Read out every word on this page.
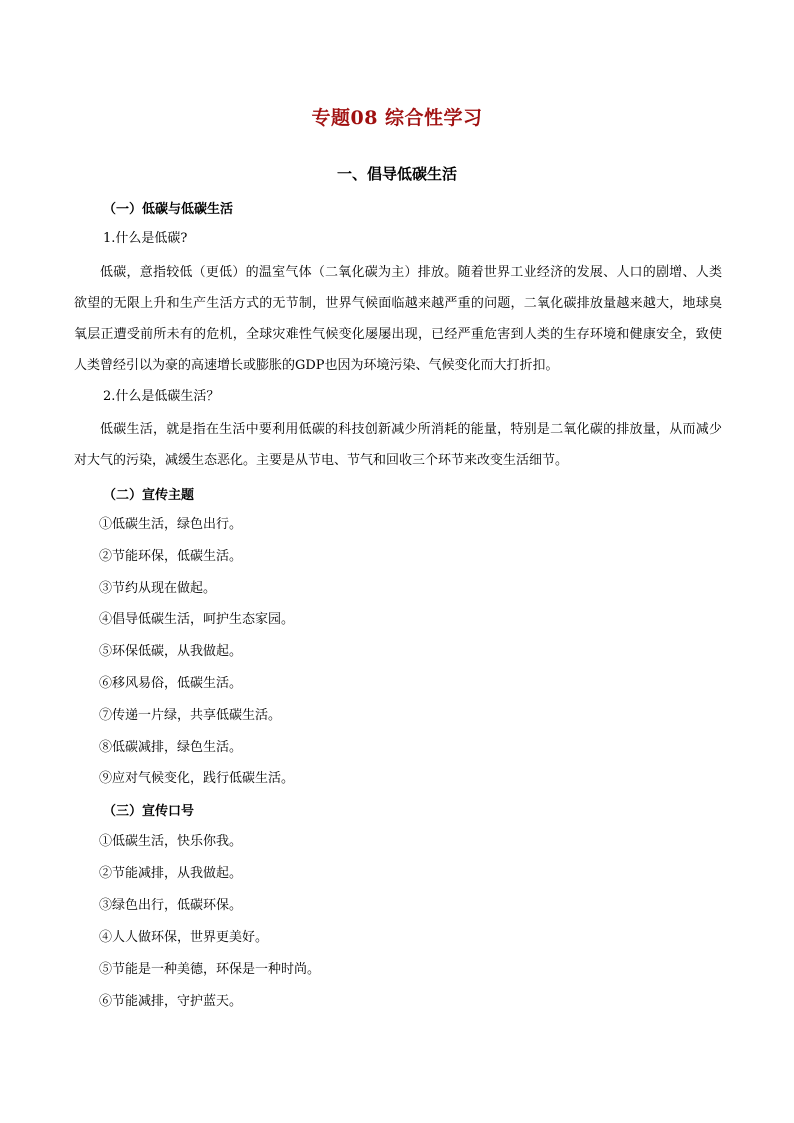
专题08 综合性学习
一、倡导低碳生活
（一）低碳与低碳生活
1.什么是低碳?

低碳，意指较低（更低）的温室气体（二氧化碳为主）排放。随着世界工业经济的发展、人口的剧增、人类欲望的无限上升和生产生活方式的无节制，世界气候面临越来越严重的问题，二氧化碳排放量越来越大，地球臭氧层正遭受前所未有的危机，全球灾难性气候变化屡屡出现，已经严重危害到人类的生存环境和健康安全，致使人类曾经引以为豪的高速增长或膨胀的GDP也因为环境污染、气候变化而大打折扣。

2.什么是低碳生活？

低碳生活，就是指在生活中要利用低碳的科技创新减少所消耗的能量，特别是二氧化碳的排放量，从而减少对大气的污染，减缓生态恶化。主要是从节电、节气和回收三个环节来改变生活细节。

（二）宣传主题
①低碳生活，绿色出行。
②节能环保，低碳生活。
③节约从现在做起。
④倡导低碳生活，呵护生态家园。
⑤环保低碳，从我做起。
⑥移风易俗，低碳生活。
⑦传递一片绿，共享低碳生活。
⑧低碳减排，绿色生活。
⑨应对气候变化，践行低碳生活。
（三）宣传口号
①低碳生活，快乐你我。
②节能减排，从我做起。
③绿色出行，低碳环保。
④人人做环保，世界更美好。
⑤节能是一种美德，环保是一种时尚。
⑥节能减排，守护蓝天。
